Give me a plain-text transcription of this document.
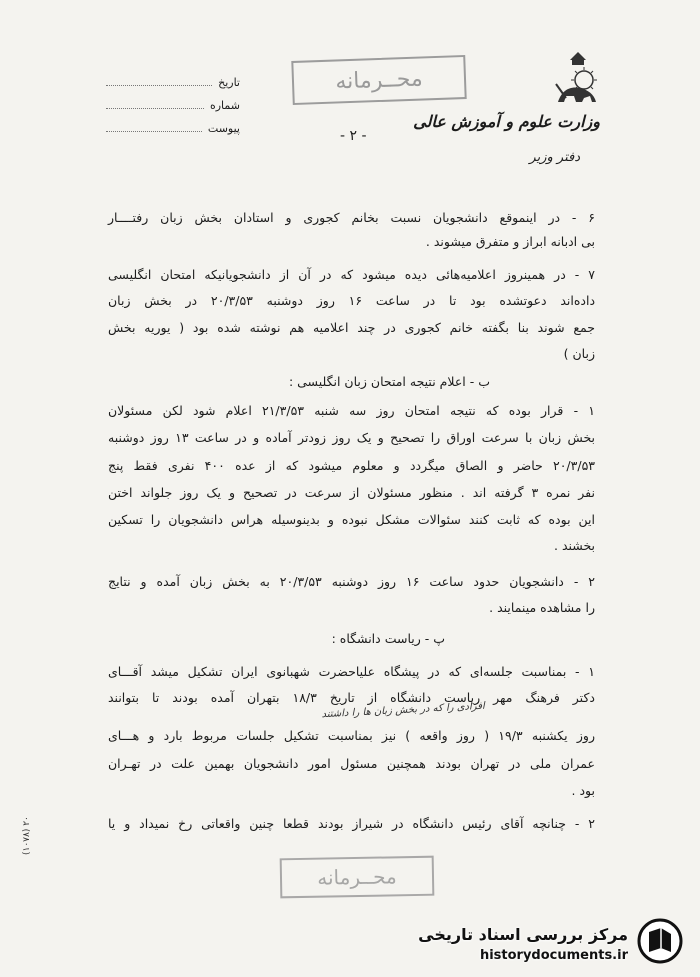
وزارت علوم و آموزش عالی
دفتر وزیر
تاریخ
شماره
پیوست	- ۲ -
محــرمانه
محــرمانه
۶ - در اینموقع دانشجویان نسبت بخانم کجوری و استادان بخش زبان رفتــــار
بی ادبانه ابراز و متفرق میشوند .
۷ - در همینروز اعلامیه‌هائی دیده میشود که در آن از دانشجویانیکه امتحان انگلیسی
داده‌اند دعوتشده بود تا در ساعت ۱۶ روز دوشنبه ۲۰/۳/۵۳ در بخش زبان
جمع شوند بنا بگفته خانم کجوری در چند اعلامیه هم نوشته شده بود ( یوریه بخش
زبان )
ب - اعلام نتیجه امتحان زبان انگلیسی :
۱ - قرار بوده که نتیجه امتحان روز سه شنبه ۲۱/۳/۵۳ اعلام شود لکن مسئولان
بخش زبان با سرعت اوراق را تصحیح و یک روز زودتر آماده و در ساعت ۱۳ روز دوشنبه
۲۰/۳/۵۳ حاضر و الصاق میگردد و معلوم میشود که از عده ۴۰۰ نفری فقط پنج
نفر نمره ۳ گرفته اند . منظور مسئولان از سرعت در تصحیح و یک روز جلواند اختن
این بوده که ثابت کنند سئوالات مشکل نبوده و بدینوسیله هراس دانشجویان را تسکین
بخشند .
۲ - دانشجویان حدود ساعت ۱۶ روز دوشنبه ۲۰/۳/۵۳ به بخش زبان آمده و نتایج
را مشاهده مینمایند .
پ - ریاست دانشگاه :
۱ - بمناسبت جلسه‌ای که در پیشگاه علیاحضرت شهبانوی ایران تشکیل میشد آقـــای
دکتر فرهنگ مهر ریاست دانشگاه از تاریخ ۱۸/۳ بتهران آمده بودند تا بتوانند
افرادی را که در بخش زبان ها را داشتند
روز یکشنبه ۱۹/۳ ( روز واقعه ) نیز بمناسبت تشکیل جلسات مربوط بارد و هـــای
عمران ملی در تهران بودند همچنین مسئول امور دانشجویان بهمین علت در تهـران
بود .
۲ - چنانچه آقای رئیس دانشگاه در شیراز بودند قطعا چنین واقعاتی رخ نمیداد و یا
(۱۰۷۸) ۲۰
مرکز بررسی اسناد تاریخی
historydocuments.ir
